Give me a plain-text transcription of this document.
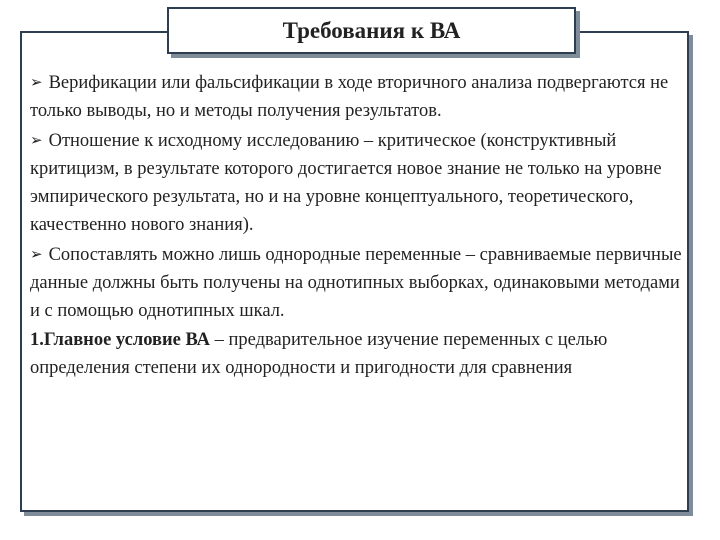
Требования к ВА

➢ Верификации или фальсификации в ходе вторичного анализа подвергаются не только выводы, но и методы получения результатов.

➢ Отношение к исходному исследованию – критическое (конструктивный критицизм, в результате которого достигается новое знание не только на уровне эмпирического результата, но и на уровне концептуального, теоретического, качественно нового знания).

➢ Сопоставлять можно лишь однородные переменные – сравниваемые первичные данные должны быть получены на однотипных выборках, одинаковыми методами и с помощью однотипных шкал.

1.Главное условие ВА – предварительное изучение переменных с целью определения степени их однородности и пригодности для сравнения
